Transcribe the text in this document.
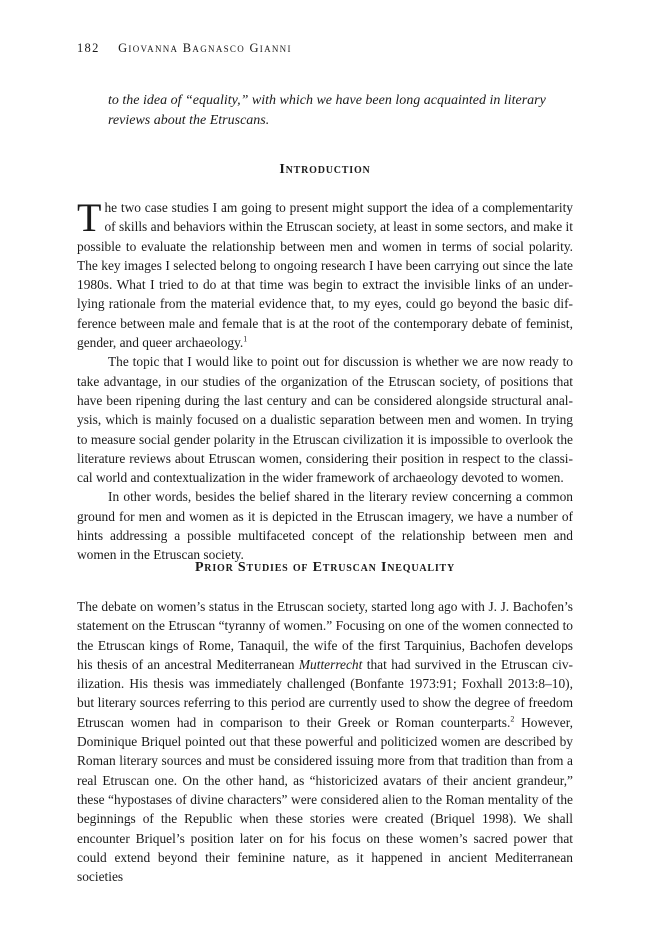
182 Giovanna Bagnasco Gianni
to the idea of “equality,” with which we have been long acquainted in literary reviews about the Etruscans.
Introduction

The two case studies I am going to present might support the idea of a complementarity of skills and behaviors within the Etruscan society, at least in some sectors, and make it possible to evaluate the relationship between men and women in terms of social polarity. The key images I selected belong to ongoing research I have been carrying out since the late 1980s. What I tried to do at that time was begin to extract the invisible links of an underlying rationale from the material evidence that, to my eyes, could go beyond the basic difference between male and female that is at the root of the contemporary debate of feminist, gender, and queer archaeology.$^1$

The topic that I would like to point out for discussion is whether we are now ready to take advantage, in our studies of the organization of the Etruscan society, of positions that have been ripening during the last century and can be considered alongside structural analysis, which is mainly focused on a dualistic separation between men and women. In trying to measure social gender polarity in the Etruscan civilization it is impossible to overlook the literature reviews about Etruscan women, considering their position in respect to the classical world and contextualization in the wider framework of archaeology devoted to women.

In other words, besides the belief shared in the literary review concerning a common ground for men and women as it is depicted in the Etruscan imagery, we have a number of hints addressing a possible multifaceted concept of the relationship between men and women in the Etruscan society.

Prior Studies of Etruscan Inequality

The debate on women’s status in the Etruscan society, started long ago with J. J. Bachofen’s statement on the Etruscan “tyranny of women.” Focusing on one of the women connected to the Etruscan kings of Rome, Tanaquil, the wife of the first Tarquinius, Bachofen develops his thesis of an ancestral Mediterranean Mutterrecht that had survived in the Etruscan civilization. His thesis was immediately challenged (Bonfante 1973:91; Foxhall 2013:8–10), but literary sources referring to this period are currently used to show the degree of freedom Etruscan women had in comparison to their Greek or Roman counterparts.$^2$ However, Dominique Briquel pointed out that these powerful and politicized women are described by Roman literary sources and must be considered issuing more from that tradition than from a real Etruscan one. On the other hand, as “historicized avatars of their ancient grandeur,” these “hypostases of divine characters” were considered alien to the Roman mentality of the beginnings of the Republic when these stories were created (Briquel 1998). We shall encounter Briquel’s position later on for his focus on these women’s sacred power that could extend beyond their feminine nature, as it happened in ancient Mediterranean societies
